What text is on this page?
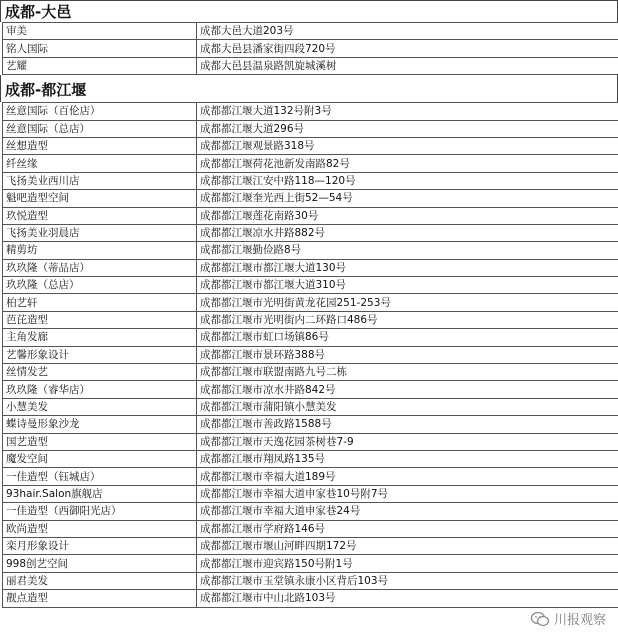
成都-大邑
审美	成都大邑大道203号
铭人国际	成都大邑县潘家街四段720号
艺耀	成都大邑县温泉路凯旋城溪树
成都-都江堰
丝意国际（百伦店）	成都都江堰大道132号附3号
丝意国际（总店）	成都都江堰大道296号
丝想造型	成都都江堰观景路318号
纤丝缘	成都都江堰荷花池新发南路82号
飞扬美业西川店	成都都江堰江安中路118—120号
魁吧造型空间	成都都江堰奎光西上街52—54号
玖悦造型	成都都江堰莲花南路30号
飞扬美业羽晨店	成都都江堰凉水井路882号
精剪坊	成都都江堰勤俭路8号
玖玖隆（蒂品店）	成都都江堰市都江堰大道130号
玖玖隆（总店）	成都都江堰市都江堰大道310号
柏艺轩	成都都江堰市光明街黄龙花园251-253号
芭芘造型	成都都江堰市光明街内二环路口486号
主角发廊	成都都江堰市虹口场镇86号
艺馨形象设计	成都都江堰市景环路388号
丝情发艺	成都都江堰市联盟南路九号二栋
玖玖隆（睿华店）	成都都江堰市凉水井路842号
小慧美发	成都都江堰市蒲阳镇小慧美发
蝶诗曼形象沙龙	成都都江堰市善政路1588号
国艺造型	成都都江堰市天逸花园茶树巷7-9
魔发空间	成都都江堰市翔凤路135号
一佳造型（钰城店）	成都都江堰市幸福大道189号
93hair.Salon旗舰店	成都都江堰市幸福大道申家巷10号附7号
一佳造型（西御阳光店）	成都都江堰市幸福大道申家巷24号
欧尚造型	成都都江堰市学府路146号
栾月形象设计	成都都江堰市堰山河畔四期172号
998创艺空间	成都都江堰市迎宾路150号附1号
丽君美发	成都都江堰市玉堂镇永康小区背后103号
靓点造型	成都都江堰市中山北路103号
川报观察
